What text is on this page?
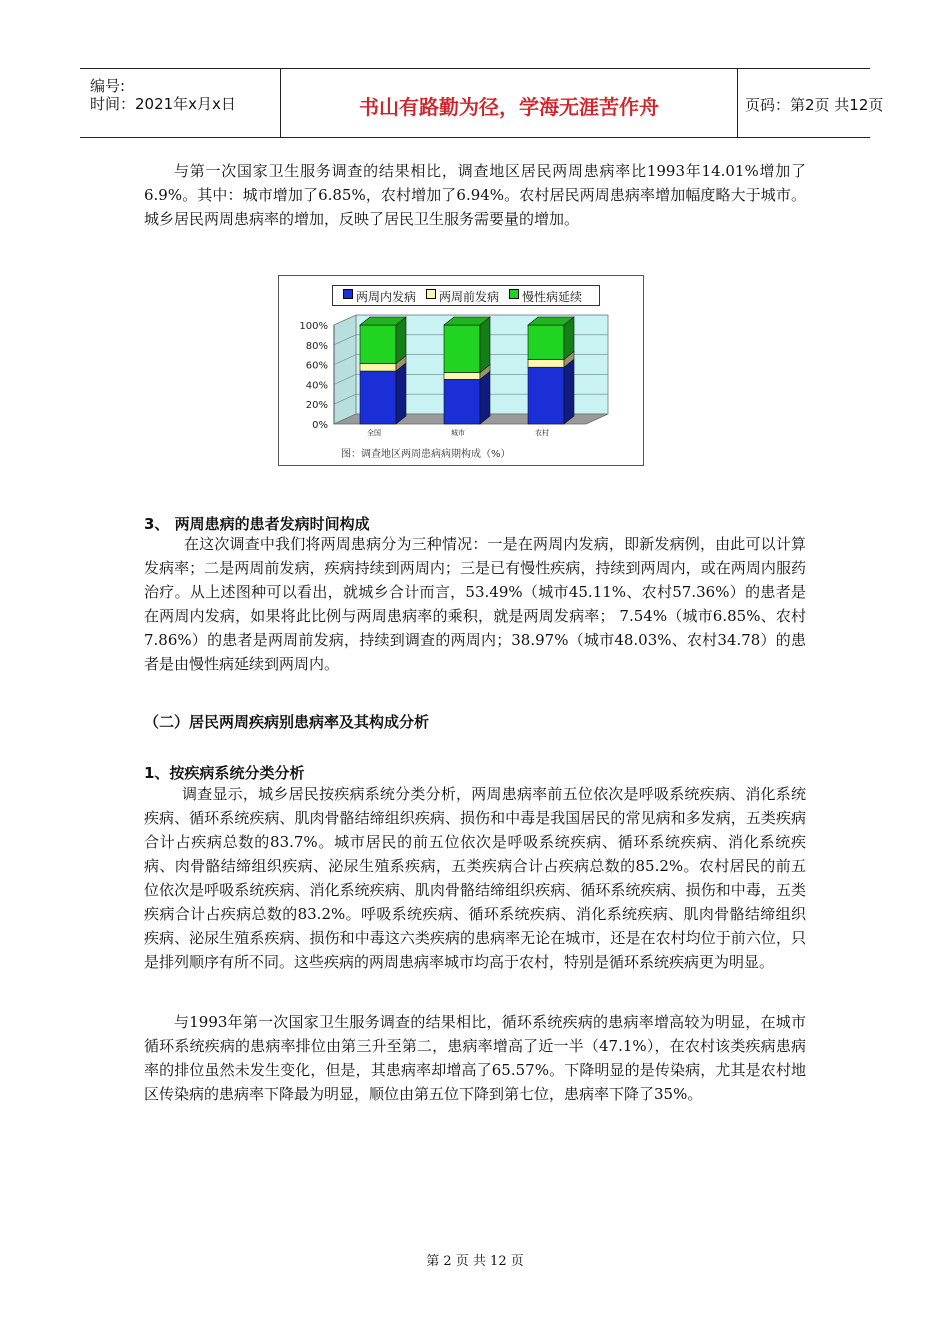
编号:
时间：2021年x月x日	书山有路勤为径，学海无涯苦作舟	页码：第2页 共12页
与第一次国家卫生服务调查的结果相比，调查地区居民两周患病率比1993年14.01%增加了6.9%。其中：城市增加了6.85%，农村增加了6.94%。农村居民两周患病率增加幅度略大于城市。城乡居民两周患病率的增加，反映了居民卫生服务需要量的增加。
两周内发病 两周前发病 慢性病延续
0%
20%
40%
60%
80%
100%
全国	城市	农村
图：调查地区两周患病病期构成（%）
3、 两周患病的患者发病时间构成
在这次调查中我们将两周患病分为三种情况：一是在两周内发病，即新发病例，由此可以计算发病率；二是两周前发病，疾病持续到两周内；三是已有慢性疾病，持续到两周内，或在两周内服药治疗。从上述图种可以看出，就城乡合计而言，53.49%（城市45.11%、农村57.36%）的患者是在两周内发病，如果将此比例与两周患病率的乘积，就是两周发病率； 7.54%（城市6.85%、农村7.86%）的患者是两周前发病，持续到调查的两周内；38.97%（城市48.03%、农村34.78）的患者是由慢性病延续到两周内。
（二）居民两周疾病别患病率及其构成分析
1、按疾病系统分类分析
调查显示，城乡居民按疾病系统分类分析，两周患病率前五位依次是呼吸系统疾病、消化系统疾病、循环系统疾病、肌肉骨骼结缔组织疾病、损伤和中毒是我国居民的常见病和多发病，五类疾病合计占疾病总数的83.7%。城市居民的前五位依次是呼吸系统疾病、循环系统疾病、消化系统疾病、肉骨骼结缔组织疾病、泌尿生殖系疾病，五类疾病合计占疾病总数的85.2%。农村居民的前五位依次是呼吸系统疾病、消化系统疾病、肌肉骨骼结缔组织疾病、循环系统疾病、损伤和中毒，五类疾病合计占疾病总数的83.2%。呼吸系统疾病、循环系统疾病、消化系统疾病、肌肉骨骼结缔组织疾病、泌尿生殖系疾病、损伤和中毒这六类疾病的患病率无论在城市，还是在农村均位于前六位，只是排列顺序有所不同。这些疾病的两周患病率城市均高于农村，特别是循环系统疾病更为明显。
与1993年第一次国家卫生服务调查的结果相比，循环系统疾病的患病率增高较为明显，在城市循环系统疾病的患病率排位由第三升至第二，患病率增高了近一半（47.1%），在农村该类疾病患病率的排位虽然未发生变化，但是，其患病率却增高了65.57%。下降明显的是传染病，尤其是农村地区传染病的患病率下降最为明显，顺位由第五位下降到第七位，患病率下降了35%。
第 2 页 共 12 页
